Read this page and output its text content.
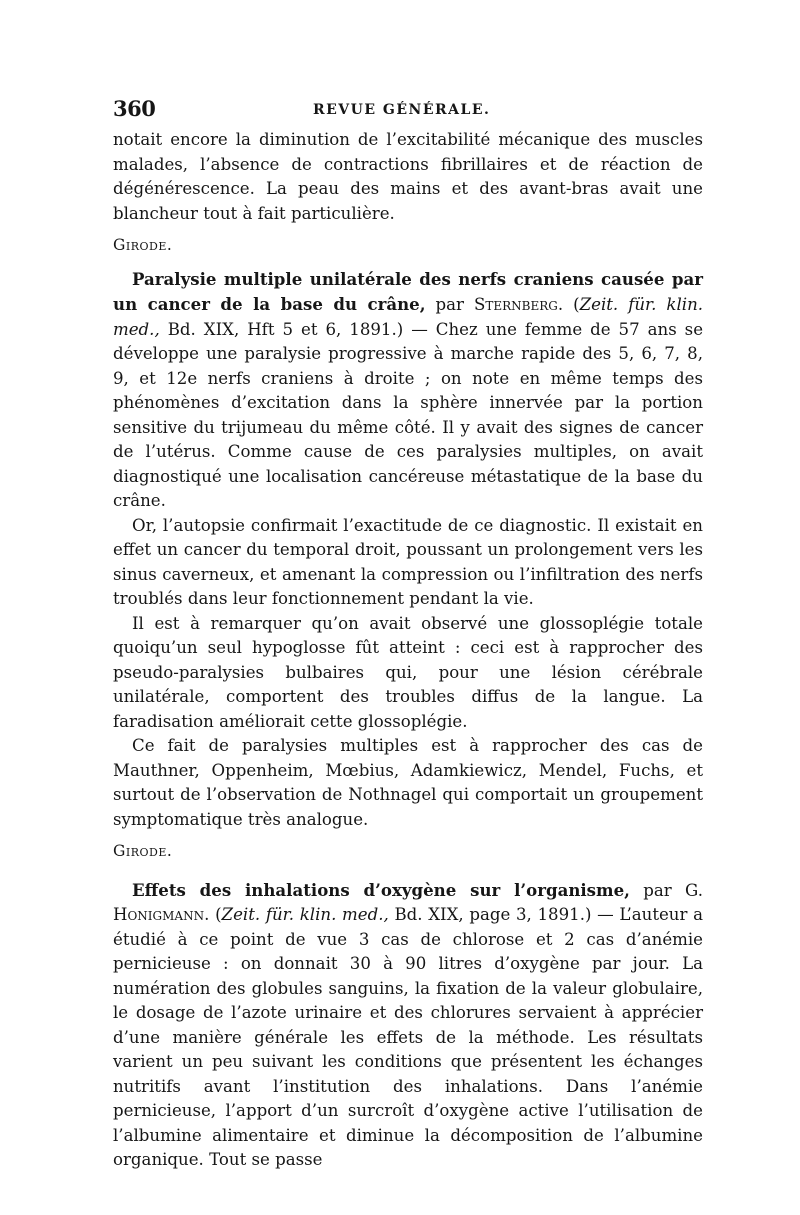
360	REVUE GÉNÉRALE.

notait encore la diminution de l’excitabilité mécanique des muscles malades, l’absence de contractions fibrillaires et de réaction de dégénérescence. La peau des mains et des avant-bras avait une blancheur tout à fait particulière.

Girode.

Paralysie multiple unilatérale des nerfs craniens causée par un cancer de la base du crâne, par Sternberg. (Zeit. für. klin. med., Bd. XIX, Hft 5 et 6, 1891.) — Chez une femme de 57 ans se développe une paralysie progressive à marche rapide des 5, 6, 7, 8, 9, et 12e nerfs craniens à droite ; on note en même temps des phénomènes d’excitation dans la sphère innervée par la portion sensitive du trijumeau du même côté. Il y avait des signes de cancer de l’utérus. Comme cause de ces paralysies multiples, on avait diagnostiqué une localisation cancéreuse métastatique de la base du crâne.

Or, l’autopsie confirmait l’exactitude de ce diagnostic. Il existait en effet un cancer du temporal droit, poussant un prolongement vers les sinus caverneux, et amenant la compression ou l’infiltration des nerfs troublés dans leur fonctionnement pendant la vie.

Il est à remarquer qu’on avait observé une glossoplégie totale quoiqu’un seul hypoglosse fût atteint : ceci est à rapprocher des pseudo-paralysies bulbaires qui, pour une lésion cérébrale unilatérale, comportent des troubles diffus de la langue. La faradisation améliorait cette glossoplégie.

Ce fait de paralysies multiples est à rapprocher des cas de Mauthner, Oppenheim, Mœbius, Adamkiewicz, Mendel, Fuchs, et surtout de l’observation de Nothnagel qui comportait un groupement symptomatique très analogue.

Girode.

Effets des inhalations d’oxygène sur l’organisme, par G. Honigmann. (Zeit. für. klin. med., Bd. XIX, page 3, 1891.) — L’auteur a étudié à ce point de vue 3 cas de chlorose et 2 cas d’anémie pernicieuse : on donnait 30 à 90 litres d’oxygène par jour. La numération des globules sanguins, la fixation de la valeur globulaire, le dosage de l’azote urinaire et des chlorures servaient à apprécier d’une manière générale les effets de la méthode. Les résultats varient un peu suivant les conditions que présentent les échanges nutritifs avant l’institution des inhalations. Dans l’anémie pernicieuse, l’apport d’un surcroît d’oxygène active l’utilisation de l’albumine alimentaire et diminue la décomposition de l’albumine organique. Tout se passe
